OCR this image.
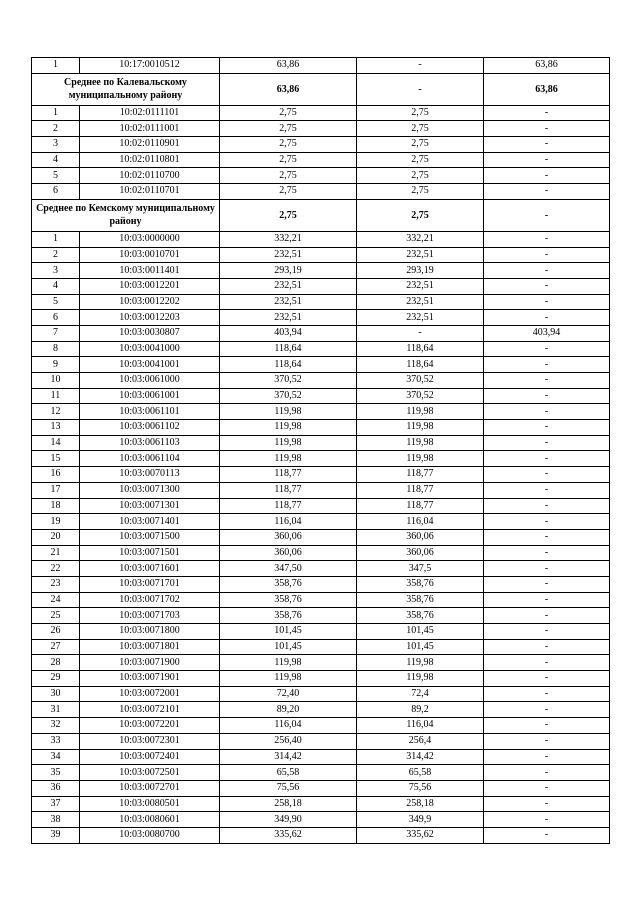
1	10:17:0010512	63,86	-	63,86
Среднее по Калевальскому муниципальному району		63,86	-	63,86
1	10:02:0111101	2,75	2,75	-
2	10:02:0111001	2,75	2,75	-
3	10:02:0110901	2,75	2,75	-
4	10:02:0110801	2,75	2,75	-
5	10:02:0110700	2,75	2,75	-
6	10:02:0110701	2,75	2,75	-
Среднее по Кемскому муниципальному району		2,75	2,75	-
1	10:03:0000000	332,21	332,21	-
2	10:03:0010701	232,51	232,51	-
3	10:03:0011401	293,19	293,19	-
4	10:03:0012201	232,51	232,51	-
5	10:03:0012202	232,51	232,51	-
6	10:03:0012203	232,51	232,51	-
7	10:03:0030807	403,94	-	403,94
8	10:03:0041000	118,64	118,64	-
9	10:03:0041001	118,64	118,64	-
10	10:03:0061000	370,52	370,52	-
11	10:03:0061001	370,52	370,52	-
12	10:03:0061101	119,98	119,98	-
13	10:03:0061102	119,98	119,98	-
14	10:03:0061103	119,98	119,98	-
15	10:03:0061104	119,98	119,98	-
16	10:03:0070113	118,77	118,77	-
17	10:03:0071300	118,77	118,77	-
18	10:03:0071301	118,77	118,77	-
19	10:03:0071401	116,04	116,04	-
20	10:03:0071500	360,06	360,06	-
21	10:03:0071501	360,06	360,06	-
22	10:03:0071601	347,50	347,5	-
23	10:03:0071701	358,76	358,76	-
24	10:03:0071702	358,76	358,76	-
25	10:03:0071703	358,76	358,76	-
26	10:03:0071800	101,45	101,45	-
27	10:03:0071801	101,45	101,45	-
28	10:03:0071900	119,98	119,98	-
29	10:03:0071901	119,98	119,98	-
30	10:03:0072001	72,40	72,4	-
31	10:03:0072101	89,20	89,2	-
32	10:03:0072201	116,04	116,04	-
33	10:03:0072301	256,40	256,4	-
34	10:03:0072401	314,42	314,42	-
35	10:03:0072501	65,58	65,58	-
36	10:03:0072701	75,56	75,56	-
37	10:03:0080501	258,18	258,18	-
38	10:03:0080601	349,90	349,9	-
39	10:03:0080700	335,62	335,62	-
